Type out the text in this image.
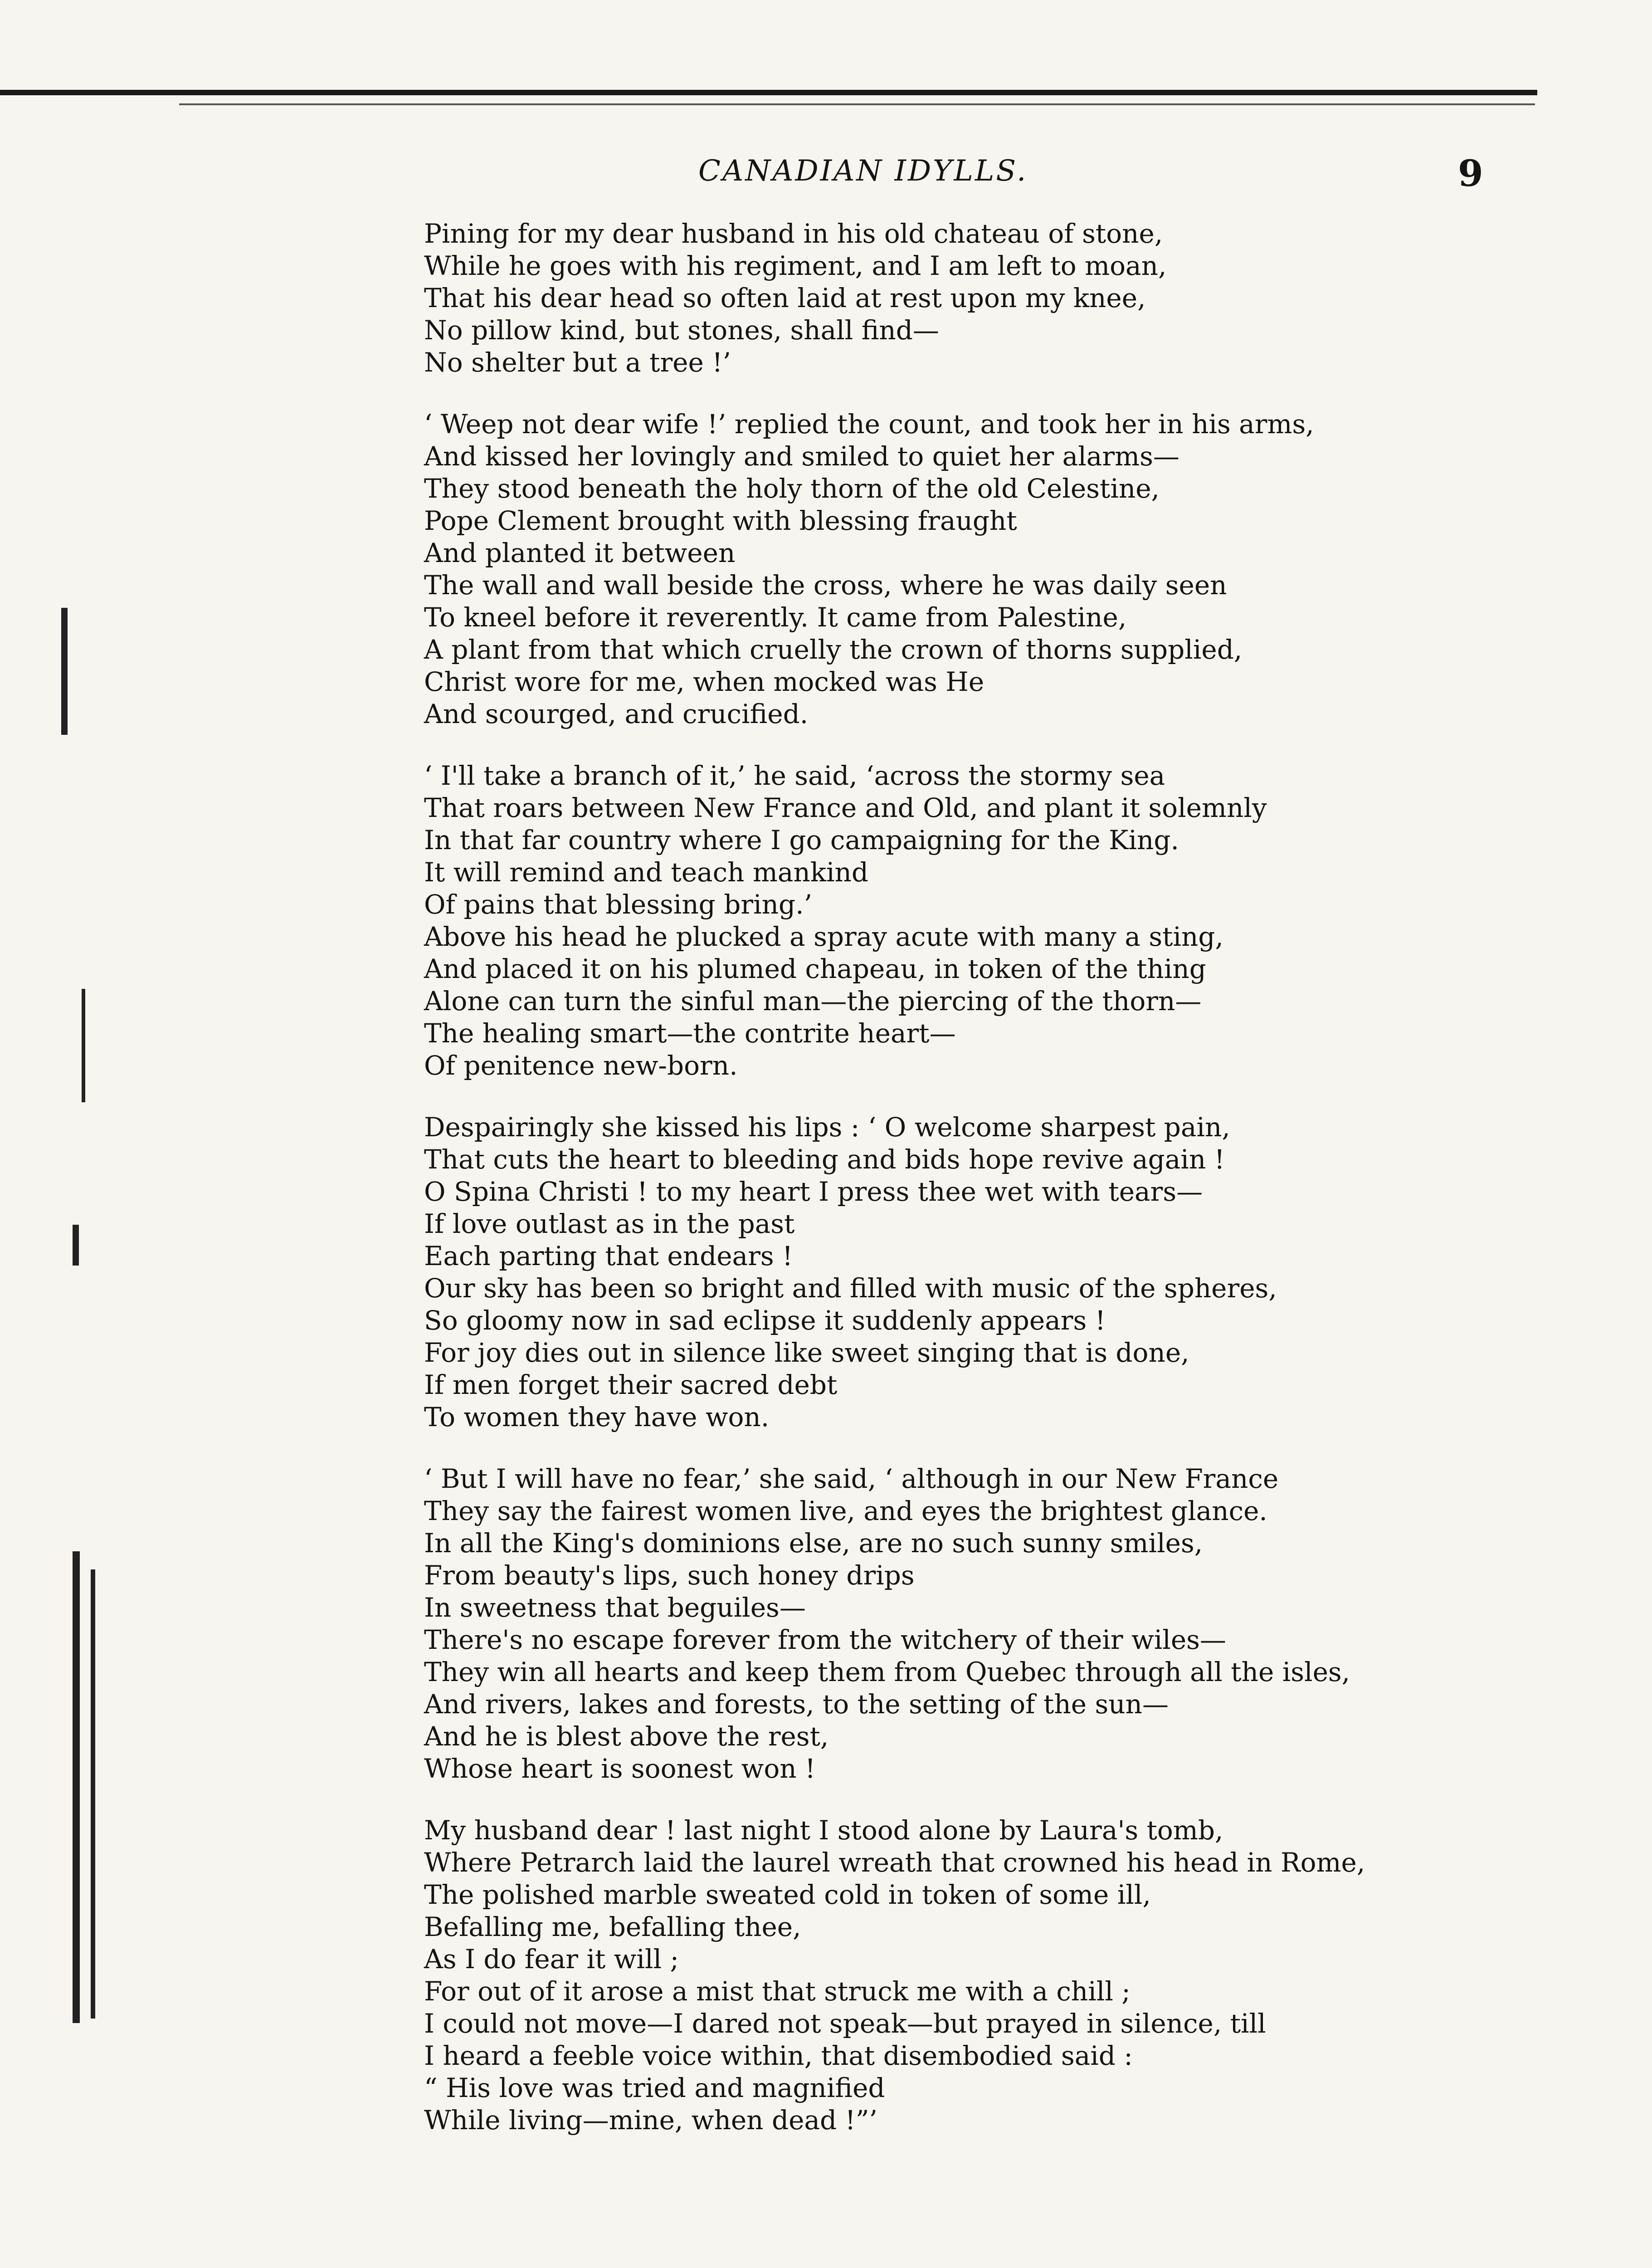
CANADIAN IDYLLS.	9
Pining for my dear husband in his old chateau of stone,
While he goes with his regiment, and I am left to moan,
That his dear head so often laid at rest upon my knee,
No pillow kind, but stones, shall find—
No shelter but a tree !’
‘ Weep not dear wife !’ replied the count, and took her in his arms,
And kissed her lovingly and smiled to quiet her alarms—
They stood beneath the holy thorn of the old Celestine,
Pope Clement brought with blessing fraught
And planted it between
The wall and wall beside the cross, where he was daily seen
To kneel before it reverently. It came from Palestine,
A plant from that which cruelly the crown of thorns supplied,
Christ wore for me, when mocked was He
And scourged, and crucified.
‘ I'll take a branch of it,’ he said, ‘across the stormy sea
That roars between New France and Old, and plant it solemnly
In that far country where I go campaigning for the King.
It will remind and teach mankind
Of pains that blessing bring.’
Above his head he plucked a spray acute with many a sting,
And placed it on his plumed chapeau, in token of the thing
Alone can turn the sinful man—the piercing of the thorn—
The healing smart—the contrite heart—
Of penitence new-born.
Despairingly she kissed his lips : ‘ O welcome sharpest pain,
That cuts the heart to bleeding and bids hope revive again !
O Spina Christi ! to my heart I press thee wet with tears—
If love outlast as in the past
Each parting that endears !
Our sky has been so bright and filled with music of the spheres,
So gloomy now in sad eclipse it suddenly appears !
For joy dies out in silence like sweet singing that is done,
If men forget their sacred debt
To women they have won.
‘ But I will have no fear,’ she said, ‘ although in our New France
They say the fairest women live, and eyes the brightest glance.
In all the King's dominions else, are no such sunny smiles,
From beauty's lips, such honey drips
In sweetness that beguiles—
There's no escape forever from the witchery of their wiles—
They win all hearts and keep them from Quebec through all the isles,
And rivers, lakes and forests, to the setting of the sun—
And he is blest above the rest,
Whose heart is soonest won !
My husband dear ! last night I stood alone by Laura's tomb,
Where Petrarch laid the laurel wreath that crowned his head in Rome,
The polished marble sweated cold in token of some ill,
Befalling me, befalling thee,
As I do fear it will ;
For out of it arose a mist that struck me with a chill ;
I could not move—I dared not speak—but prayed in silence, till
I heard a feeble voice within, that disembodied said :
“ His love was tried and magnified
While living—mine, when dead !”’
